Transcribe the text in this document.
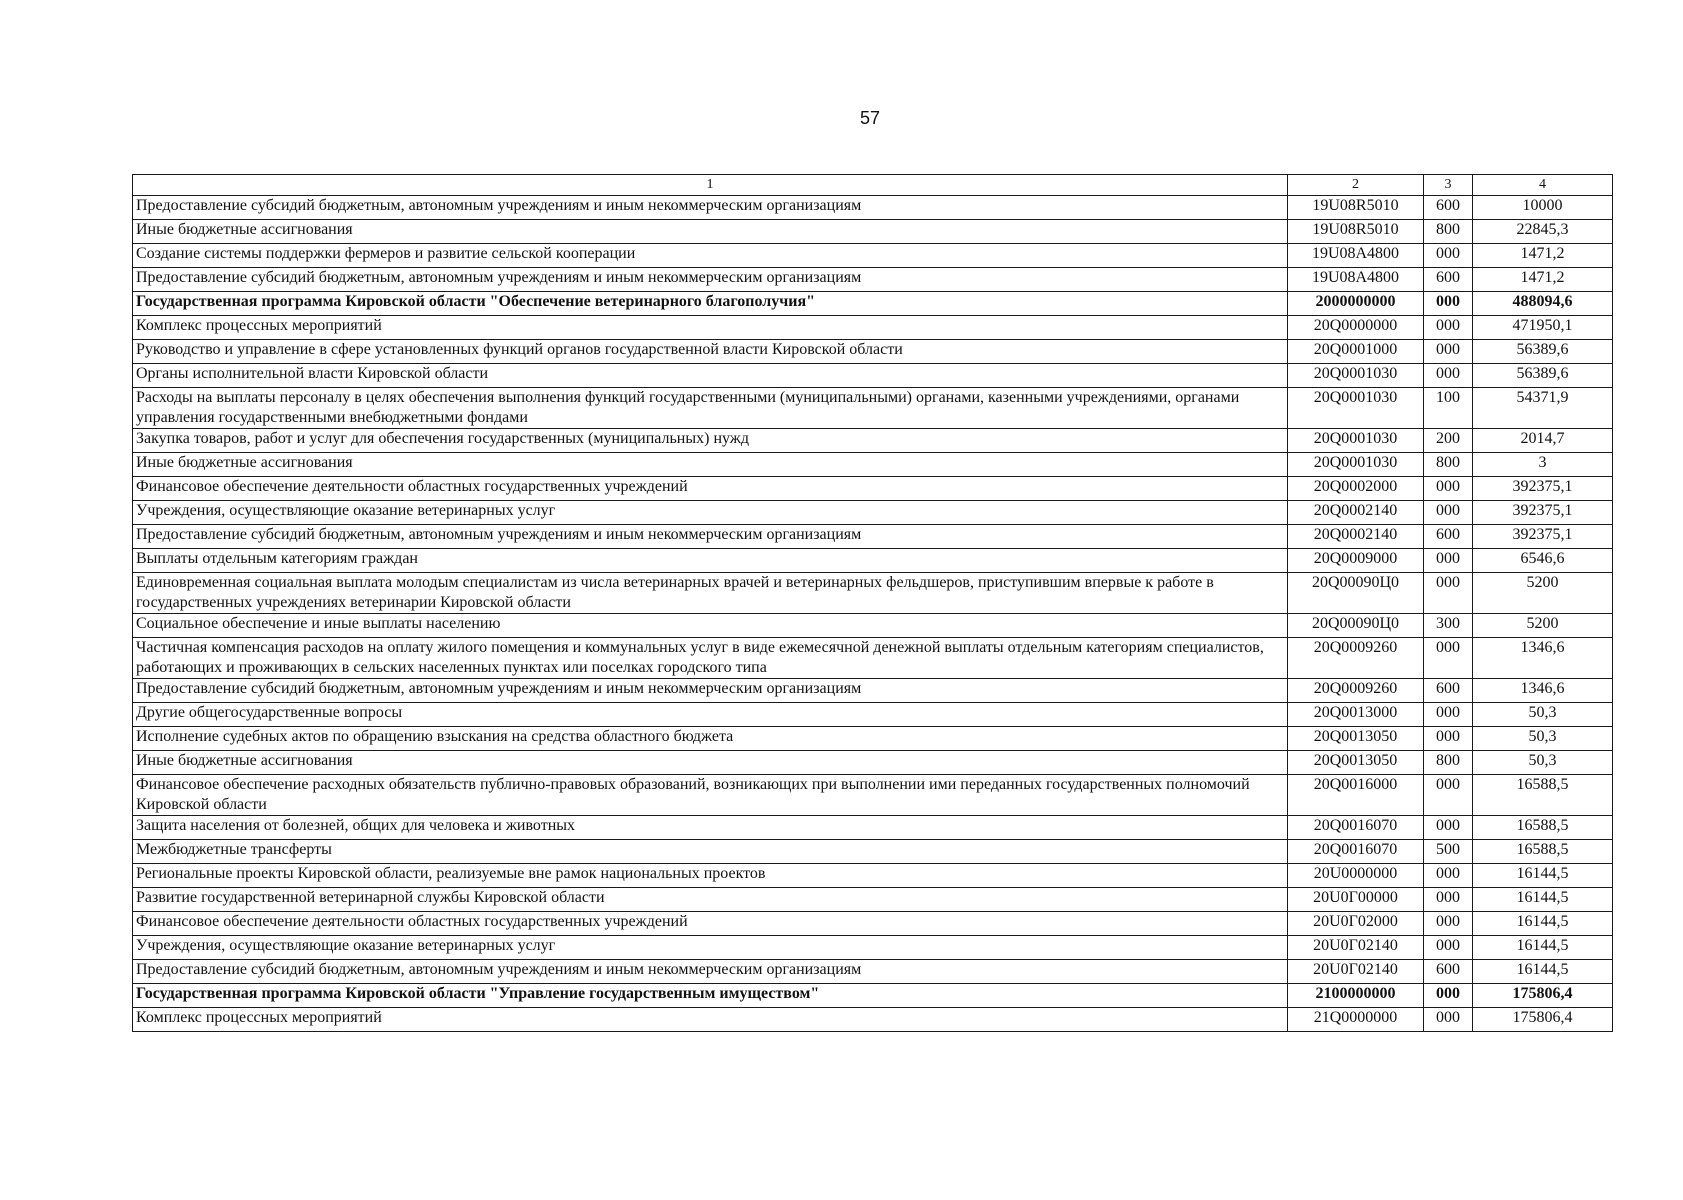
57
1	2	3	4
Предоставление субсидий бюджетным, автономным учреждениям и иным некоммерческим организациям	19U08R5010	600	10000
Иные бюджетные ассигнования	19U08R5010	800	22845,3
Создание системы поддержки фермеров и развитие сельской кооперации	19U08A4800	000	1471,2
Предоставление субсидий бюджетным, автономным учреждениям и иным некоммерческим организациям	19U08A4800	600	1471,2
Государственная программа Кировской области "Обеспечение ветеринарного благополучия"	2000000000	000	488094,6
Комплекс процессных мероприятий	20Q0000000	000	471950,1
Руководство и управление в сфере установленных функций органов государственной власти Кировской области	20Q0001000	000	56389,6
Органы исполнительной власти Кировской области	20Q0001030	000	56389,6
Расходы на выплаты персоналу в целях обеспечения выполнения функций государственными (муниципальными) органами, казенными учреждениями, органами управления государственными внебюджетными фондами	20Q0001030	100	54371,9
Закупка товаров, работ и услуг для обеспечения государственных (муниципальных) нужд	20Q0001030	200	2014,7
Иные бюджетные ассигнования	20Q0001030	800	3
Финансовое обеспечение деятельности областных государственных учреждений	20Q0002000	000	392375,1
Учреждения, осуществляющие оказание ветеринарных услуг	20Q0002140	000	392375,1
Предоставление субсидий бюджетным, автономным учреждениям и иным некоммерческим организациям	20Q0002140	600	392375,1
Выплаты отдельным категориям граждан	20Q0009000	000	6546,6
Единовременная социальная выплата молодым специалистам из числа ветеринарных врачей и ветеринарных фельдшеров, приступившим впервые к работе в государственных учреждениях ветеринарии Кировской области	20Q00090Ц0	000	5200
Социальное обеспечение и иные выплаты населению	20Q00090Ц0	300	5200
Частичная компенсация расходов на оплату жилого помещения и коммунальных услуг в виде ежемесячной денежной выплаты отдельным категориям специалистов, работающих и проживающих в сельских населенных пунктах или поселках городского типа	20Q0009260	000	1346,6
Предоставление субсидий бюджетным, автономным учреждениям и иным некоммерческим организациям	20Q0009260	600	1346,6
Другие общегосударственные вопросы	20Q0013000	000	50,3
Исполнение судебных актов по обращению взыскания на средства областного бюджета	20Q0013050	000	50,3
Иные бюджетные ассигнования	20Q0013050	800	50,3
Финансовое обеспечение расходных обязательств публично-правовых образований, возникающих при выполнении ими переданных государственных полномочий Кировской области	20Q0016000	000	16588,5
Защита населения от болезней, общих для человека и животных	20Q0016070	000	16588,5
Межбюджетные трансферты	20Q0016070	500	16588,5
Региональные проекты Кировской области, реализуемые вне рамок национальных проектов	20U0000000	000	16144,5
Развитие государственной ветеринарной службы Кировской области	20U0Г00000	000	16144,5
Финансовое обеспечение деятельности областных государственных учреждений	20U0Г02000	000	16144,5
Учреждения, осуществляющие оказание ветеринарных услуг	20U0Г02140	000	16144,5
Предоставление субсидий бюджетным, автономным учреждениям и иным некоммерческим организациям	20U0Г02140	600	16144,5
Государственная программа Кировской области "Управление государственным имуществом"	2100000000	000	175806,4
Комплекс процессных мероприятий	21Q0000000	000	175806,4
